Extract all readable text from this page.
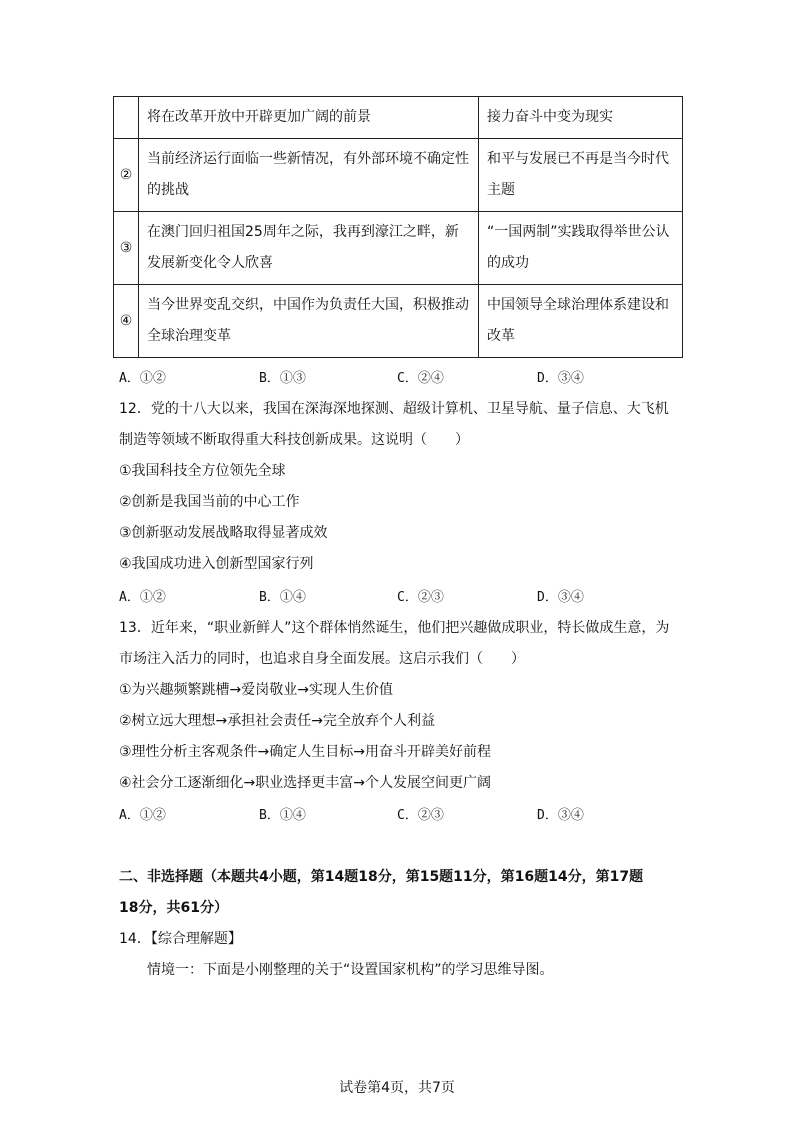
	将在改革开放中开辟更加广阔的前景	接力奋斗中变为现实
②	当前经济运行面临一些新情况，有外部环境不确定性的挑战	和平与发展已不再是当今时代主题
③	在澳门回归祖国25周年之际，我再到濠江之畔，新发展新变化令人欣喜	“一国两制”实践取得举世公认的成功
④	当今世界变乱交织，中国作为负责任大国，积极推动全球治理变革	中国领导全球治理体系建设和改革
A．①②	B．①③	C．②④	D．③④
12．党的十八大以来，我国在深海深地探测、超级计算机、卫星导航、量子信息、大飞机
制造等领域不断取得重大科技创新成果。这说明（　　）
①我国科技全方位领先全球
②创新是我国当前的中心工作
③创新驱动发展战略取得显著成效
④我国成功进入创新型国家行列
A．①②	B．①④	C．②③	D．③④
13．近年来，“职业新鲜人”这个群体悄然诞生，他们把兴趣做成职业，特长做成生意，为
市场注入活力的同时，也追求自身全面发展。这启示我们（　　）
①为兴趣频繁跳槽→爱岗敬业→实现人生价值
②树立远大理想→承担社会责任→完全放弃个人利益
③理性分析主客观条件→确定人生目标→用奋斗开辟美好前程
④社会分工逐渐细化→职业选择更丰富→个人发展空间更广阔
A．①②	B．①④	C．②③	D．③④
二、非选择题（本题共4小题，第14题18分，第15题11分，第16题14分，第17题
18分，共61分）
14．【综合理解题】
情境一：下面是小刚整理的关于“设置国家机构”的学习思维导图。
试卷第4页，共7页
